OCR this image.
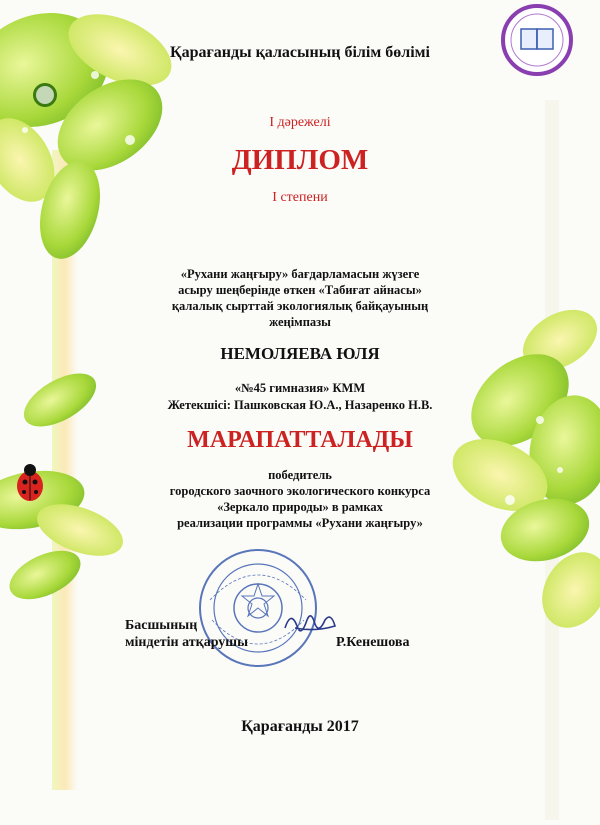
Қарағанды қаласының білім бөлімі
І дәрежелі
ДИПЛОМ
І степени
«Рухани жаңғыру» бағдарламасын жүзеге
асыру шеңберінде өткен «Табиғат айнасы»
қалалық сырттай экологиялық байқауының
жеңімпазы
НЕМОЛЯЕВА ЮЛЯ
«№45 гимназия» КММ
Жетекшісі: Пашковская Ю.А., Назаренко Н.В.
МАРАПАТТАЛАДЫ
победитель
городского заочного экологического конкурса
«Зеркало природы» в рамках
реализации программы «Рухани жаңғыру»
Басшының
міндетін атқарушы	Р.Кенешова
Қарағанды 2017
